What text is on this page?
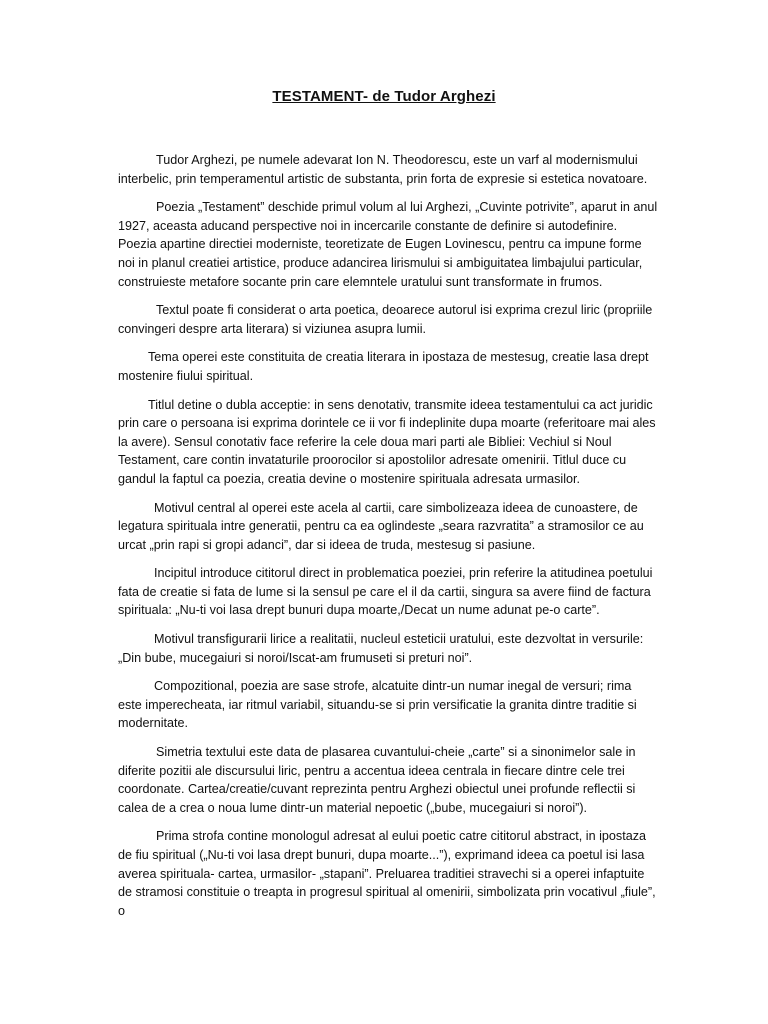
TESTAMENT- de Tudor Arghezi

Tudor Arghezi, pe numele adevarat Ion N. Theodorescu, este un varf al modernismului interbelic, prin temperamentul artistic de substanta, prin forta de expresie si estetica novatoare.

Poezia „Testament” deschide primul volum al lui Arghezi, „Cuvinte potrivite”, aparut in anul 1927, aceasta aducand perspective noi in incercarile constante de definire si autodefinire. Poezia apartine directiei moderniste, teoretizate de Eugen Lovinescu, pentru ca impune forme noi in planul creatiei artistice, produce adancirea lirismului si ambiguitatea limbajului particular, construieste metafore socante prin care elemntele uratului sunt transformate in frumos.

Textul poate fi considerat o arta poetica, deoarece autorul isi exprima crezul liric (propriile convingeri despre arta literara) si viziunea asupra lumii.

Tema operei este constituita de creatia literara in ipostaza de mestesug, creatie lasa drept mostenire fiului spiritual.

Titlul detine o dubla acceptie: in sens denotativ, transmite ideea testamentului ca act juridic prin care o persoana isi exprima dorintele ce ii vor fi indeplinite dupa moarte (referitoare mai ales la avere). Sensul conotativ face referire la cele doua mari parti ale Bibliei: Vechiul si Noul Testament, care contin invataturile proorocilor si apostolilor adresate omenirii. Titlul duce cu gandul la faptul ca poezia, creatia devine o mostenire spirituala adresata urmasilor.

Motivul central al operei este acela al cartii, care simbolizeaza ideea de cunoastere, de legatura spirituala intre generatii, pentru ca ea oglindeste „seara razvratita” a stramosilor ce au urcat „prin rapi si gropi adanci”, dar si ideea de truda, mestesug si pasiune.

Incipitul introduce cititorul direct in problematica poeziei, prin referire la atitudinea poetului fata de creatie si fata de lume si la sensul pe care el il da cartii, singura sa avere fiind de factura spirituala: „Nu-ti voi lasa drept bunuri dupa moarte,/Decat un nume adunat pe-o carte”.

Motivul transfigurarii lirice a realitatii, nucleul esteticii uratului, este dezvoltat in versurile: „Din bube, mucegaiuri si noroi/Iscat-am frumuseti si preturi noi”.

Compozitional, poezia are sase strofe, alcatuite dintr-un numar inegal de versuri; rima este imperecheata, iar ritmul variabil, situandu-se si prin versificatie la granita dintre traditie si modernitate.

Simetria textului este data de plasarea cuvantului-cheie „carte” si a sinonimelor sale in diferite pozitii ale discursului liric, pentru a accentua ideea centrala in fiecare dintre cele trei coordonate. Cartea/creatie/cuvant reprezinta pentru Arghezi obiectul unei profunde reflectii si calea de a crea o noua lume dintr-un material nepoetic („bube, mucegaiuri si noroi”).

Prima strofa contine monologul adresat al eului poetic catre cititorul abstract, in ipostaza de fiu spiritual („Nu-ti voi lasa drept bunuri, dupa moarte...”), exprimand ideea ca poetul isi lasa averea spirituala- cartea, urmasilor- „stapani”. Preluarea traditiei stravechi si a operei infaptuite de stramosi constituie o treapta in progresul spiritual al omenirii, simbolizata prin vocativul „fiule”, o
